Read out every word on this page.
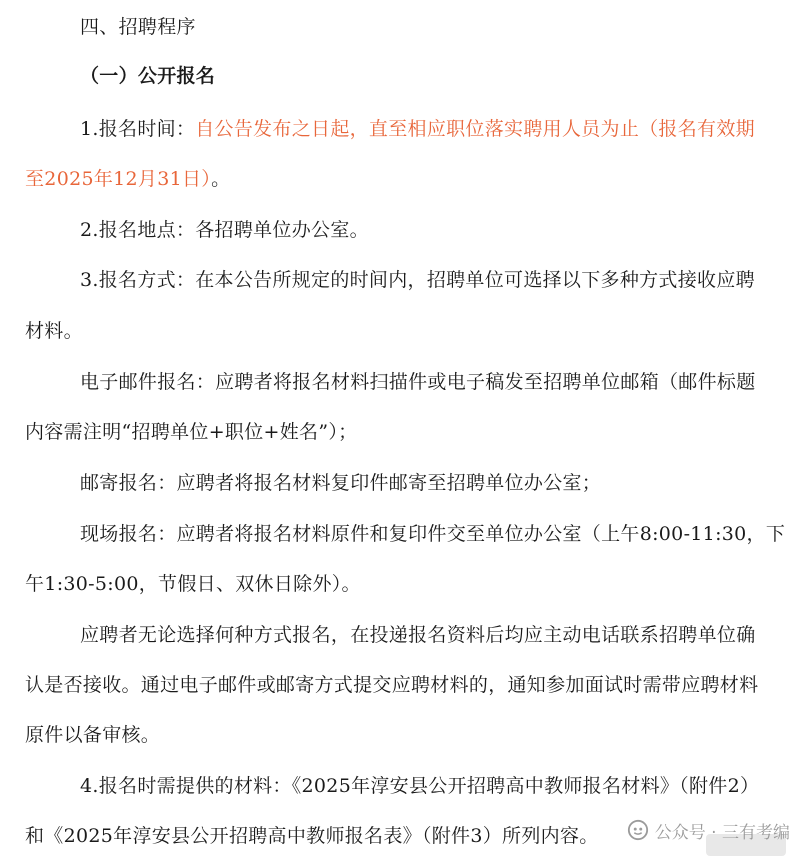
四、招聘程序
（一）公开报名
1.报名时间：自公告发布之日起，直至相应职位落实聘用人员为止（报名有效期
至2025年12月31日）。
2.报名地点：各招聘单位办公室。
3.报名方式：在本公告所规定的时间内，招聘单位可选择以下多种方式接收应聘
材料。
电子邮件报名：应聘者将报名材料扫描件或电子稿发至招聘单位邮箱（邮件标题
内容需注明“招聘单位+职位+姓名”）；
邮寄报名：应聘者将报名材料复印件邮寄至招聘单位办公室；
现场报名：应聘者将报名材料原件和复印件交至单位办公室（上午8:00-11:30，下
午1:30-5:00，节假日、双休日除外）。
应聘者无论选择何种方式报名，在投递报名资料后均应主动电话联系招聘单位确
认是否接收。通过电子邮件或邮寄方式提交应聘材料的，通知参加面试时需带应聘材料
原件以备审核。
4.报名时需提供的材料：《2025年淳安县公开招聘高中教师报名材料》（附件2）
和《2025年淳安县公开招聘高中教师报名表》（附件3）所列内容。	公众号 · 三有考编
